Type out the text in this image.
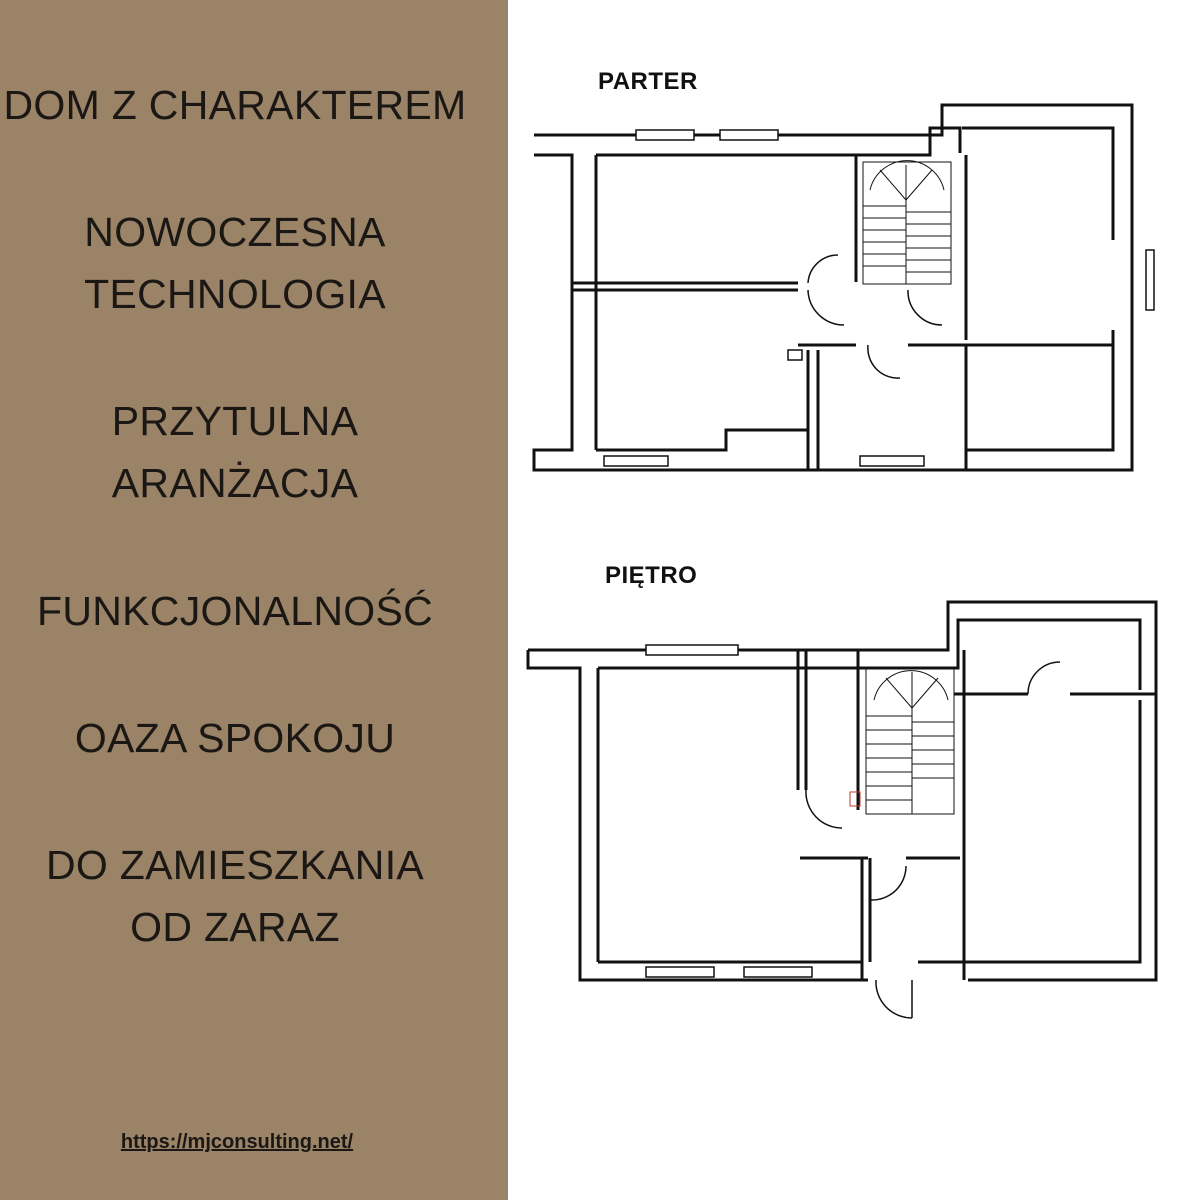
DOM Z CHARAKTEREM
NOWOCZESNA
TECHNOLOGIA
PRZYTULNA
ARANŻACJA
FUNKCJONALNOŚĆ
OAZA SPOKOJU
DO ZAMIESZKANIA
OD ZARAZ
https://mjconsulting.net/
PARTER
PIĘTRO
